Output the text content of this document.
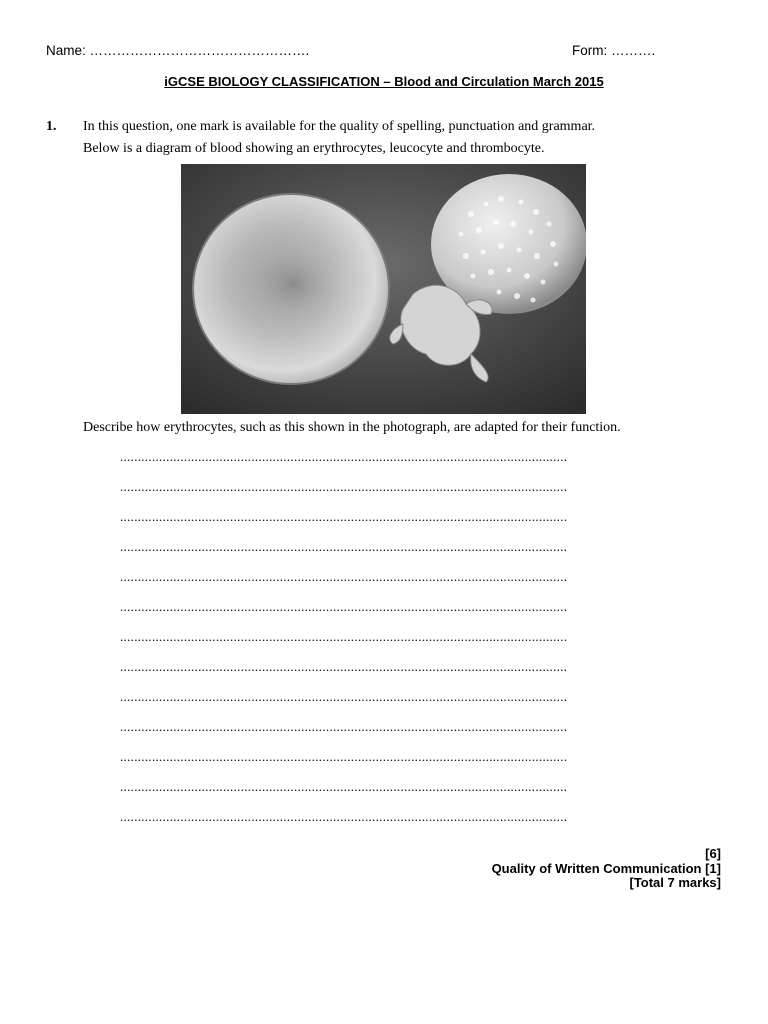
Name: ………………………………………….	Form: ……….
iGCSE BIOLOGY CLASSIFICATION – Blood and Circulation March 2015
1. In this question, one mark is available for the quality of spelling, punctuation and grammar.
Below is a diagram of blood showing an erythrocytes, leucocyte and thrombocyte.
Describe how erythrocytes, such as this shown in the photograph, are adapted for their function.
..............................................................................................................................
..............................................................................................................................
..............................................................................................................................
..............................................................................................................................
..............................................................................................................................
..............................................................................................................................
..............................................................................................................................
..............................................................................................................................
..............................................................................................................................
..............................................................................................................................
..............................................................................................................................
..............................................................................................................................
..............................................................................................................................
[6]
Quality of Written Communication [1]
[Total 7 marks]
